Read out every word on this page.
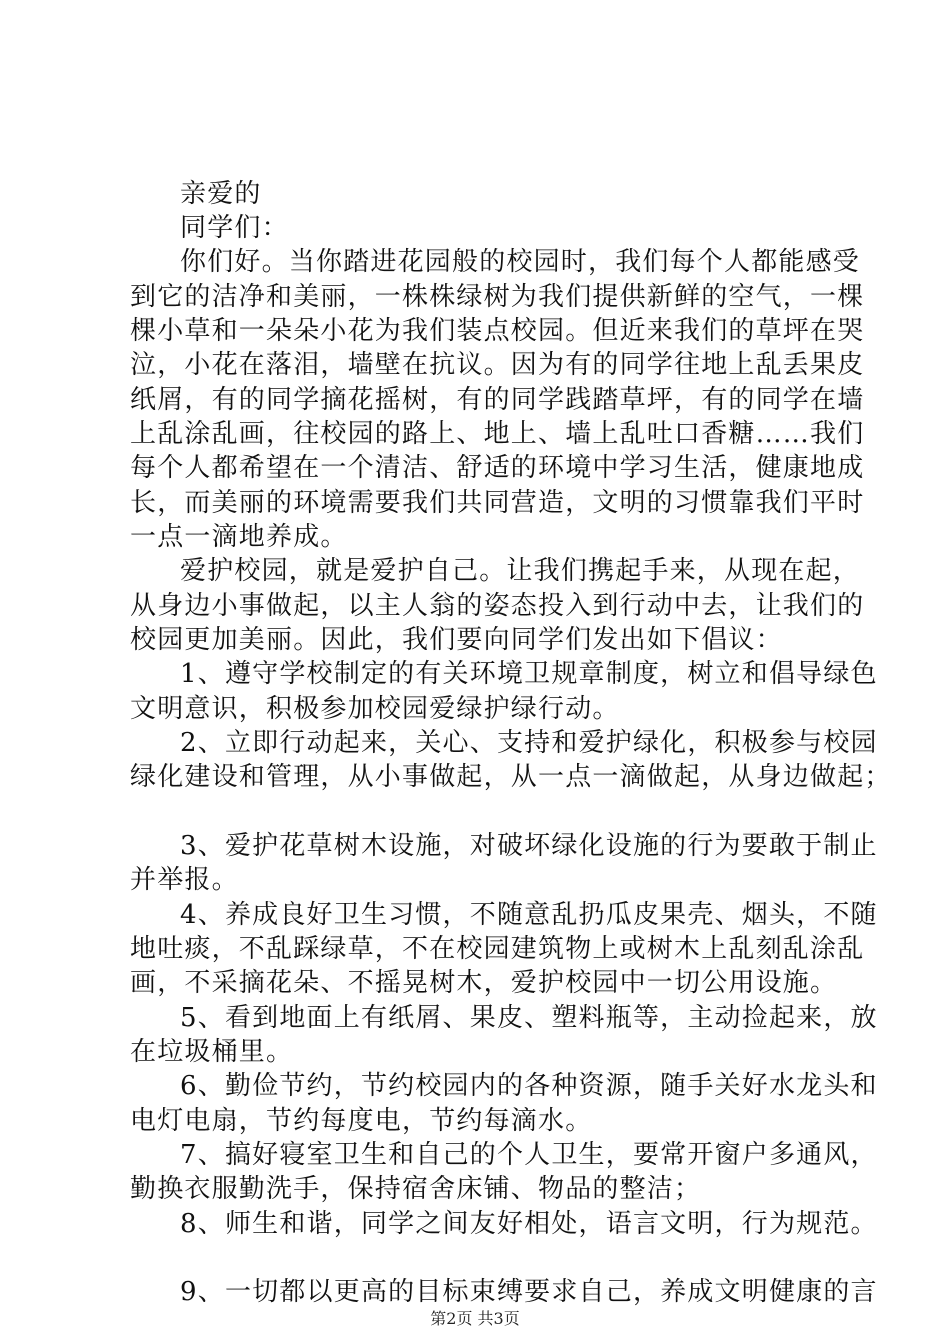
亲爱的
同学们：
你们好。当你踏进花园般的校园时，我们每个人都能感受
到它的洁净和美丽，一株株绿树为我们提供新鲜的空气，一棵
棵小草和一朵朵小花为我们装点校园。但近来我们的草坪在哭
泣，小花在落泪，墙壁在抗议。因为有的同学往地上乱丢果皮
纸屑，有的同学摘花摇树，有的同学践踏草坪，有的同学在墙
上乱涂乱画，往校园的路上、地上、墙上乱吐口香糖……我们
每个人都希望在一个清洁、舒适的环境中学习生活，健康地成
长，而美丽的环境需要我们共同营造，文明的习惯靠我们平时
一点一滴地养成。
爱护校园，就是爱护自己。让我们携起手来，从现在起，
从身边小事做起，以主人翁的姿态投入到行动中去，让我们的
校园更加美丽。因此，我们要向同学们发出如下倡议：
1、遵守学校制定的有关环境卫规章制度，树立和倡导绿色
文明意识，积极参加校园爱绿护绿行动。
2、立即行动起来，关心、支持和爱护绿化，积极参与校园
绿化建设和管理，从小事做起，从一点一滴做起，从身边做起；
3、爱护花草树木设施，对破坏绿化设施的行为要敢于制止
并举报。
4、养成良好卫生习惯，不随意乱扔瓜皮果壳、烟头，不随
地吐痰，不乱踩绿草，不在校园建筑物上或树木上乱刻乱涂乱
画，不采摘花朵、不摇晃树木，爱护校园中一切公用设施。
5、看到地面上有纸屑、果皮、塑料瓶等，主动捡起来，放
在垃圾桶里。
6、勤俭节约，节约校园内的各种资源，随手关好水龙头和
电灯电扇，节约每度电，节约每滴水。
7、搞好寝室卫生和自己的个人卫生，要常开窗户多通风，
勤换衣服勤洗手，保持宿舍床铺、物品的整洁；
8、师生和谐，同学之间友好相处，语言文明，行为规范。
9、一切都以更高的目标束缚要求自己，养成文明健康的言
第2页 共3页
